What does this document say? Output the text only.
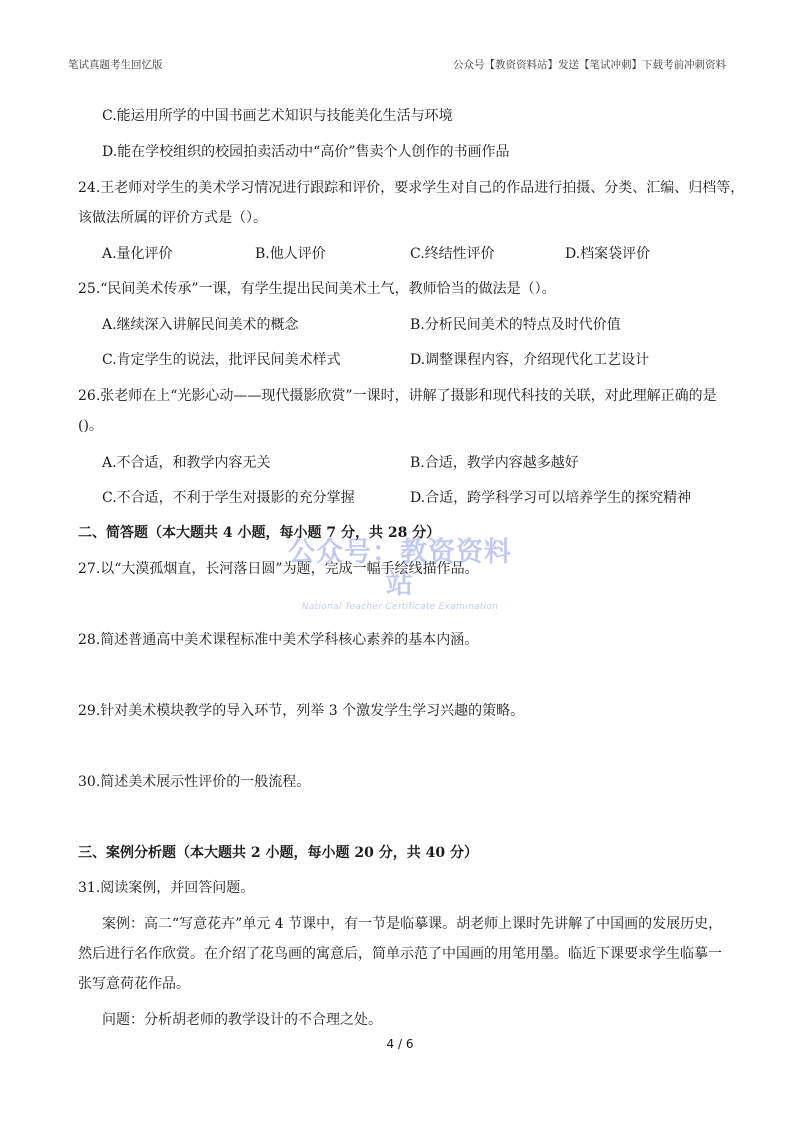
笔试真题考生回忆版	公众号【教资资料站】发送【笔试冲刺】下载考前冲刺资料
C.能运用所学的中国书画艺术知识与技能美化生活与环境
D.能在学校组织的校园拍卖活动中“高价”售卖个人创作的书画作品
24.王老师对学生的美术学习情况进行跟踪和评价，要求学生对自己的作品进行拍摄、分类、汇编、归档等，
该做法所属的评价方式是（）。
A.量化评价	B.他人评价	C.终结性评价	D.档案袋评价
25.“民间美术传承”一课，有学生提出民间美术土气，教师恰当的做法是（）。
A.继续深入讲解民间美术的概念	B.分析民间美术的特点及时代价值
C.肯定学生的说法，批评民间美术样式	D.调整课程内容，介绍现代化工艺设计
26.张老师在上“光影心动——现代摄影欣赏”一课时，讲解了摄影和现代科技的关联，对此理解正确的是
()。
A.不合适，和教学内容无关	B.合适，教学内容越多越好
C.不合适，不利于学生对摄影的充分掌握	D.合适，跨学科学习可以培养学生的探究精神
二、简答题（本大题共 4 小题，每小题 7 分，共 28 分）
27.以“大漠孤烟直，长河落日圆”为题，完成一幅手绘线描作品。
28.简述普通高中美术课程标准中美术学科核心素养的基本内涵。
29.针对美术模块教学的导入环节，列举 3 个激发学生学习兴趣的策略。
30.简述美术展示性评价的一般流程。
公众号：教资资料站
National Teacher Certificate Examination
三、案例分析题（本大题共 2 小题，每小题 20 分，共 40 分）
31.阅读案例，并回答问题。
案例：高二“写意花卉”单元 4 节课中，有一节是临摹课。胡老师上课时先讲解了中国画的发展历史，
然后进行名作欣赏。在介绍了花鸟画的寓意后，简单示范了中国画的用笔用墨。临近下课要求学生临摹一
张写意荷花作品。
问题：分析胡老师的教学设计的不合理之处。
4 / 6
